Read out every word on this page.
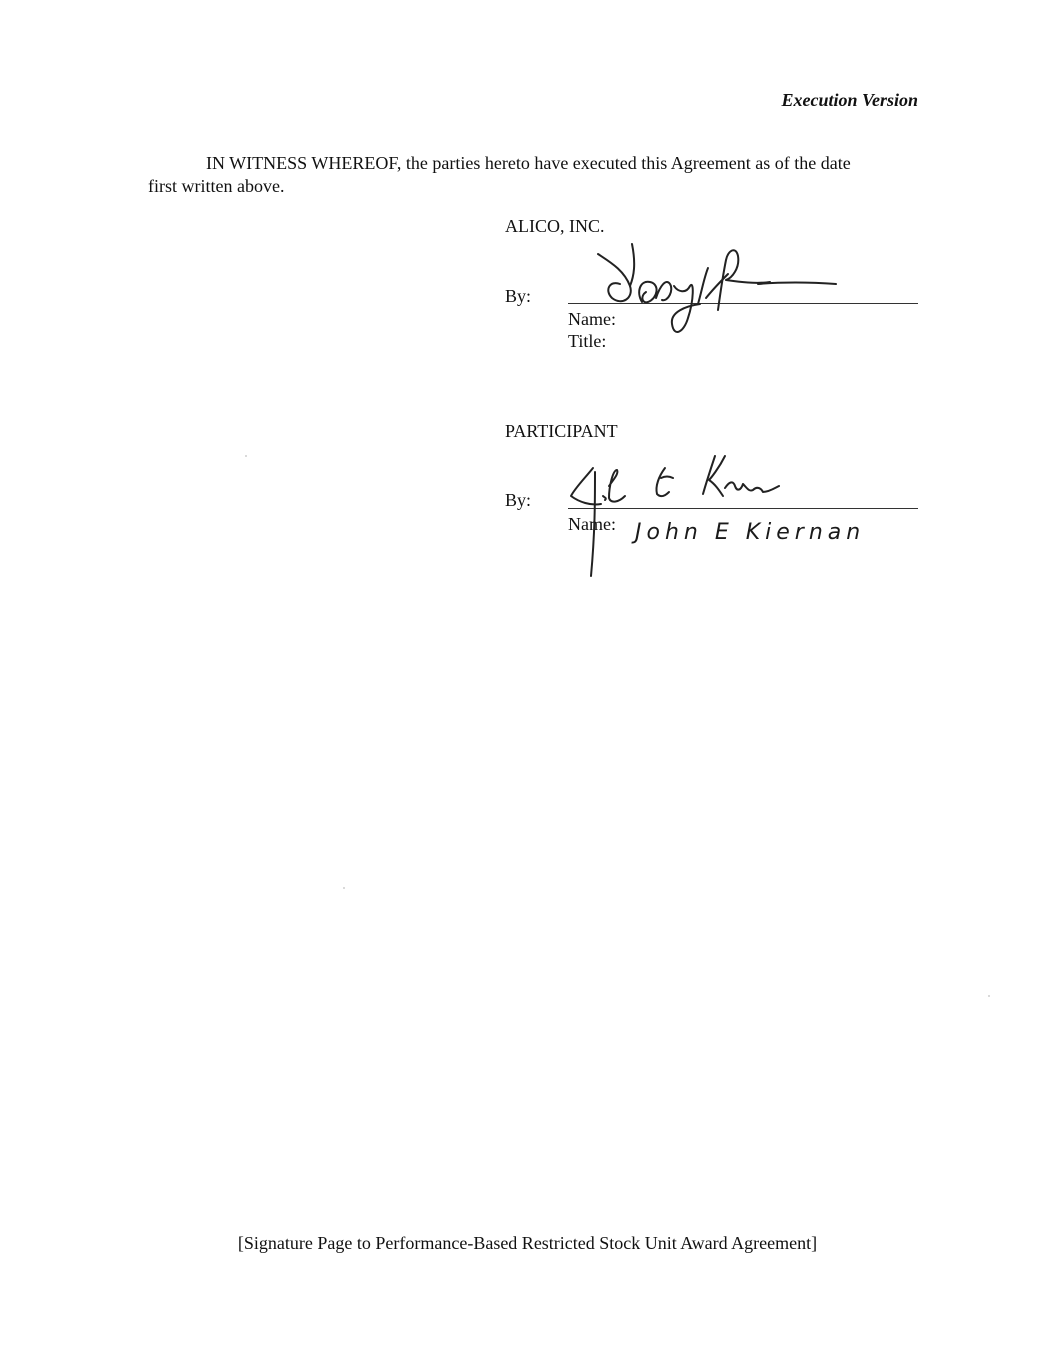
Execution Version
IN WITNESS WHEREOF, the parties hereto have executed this Agreement as of the date
first written above.
ALICO, INC.
By:
Name:
Title:
PARTICIPANT
By:
Name: John E Kiernan
[Signature Page to Performance-Based Restricted Stock Unit Award Agreement]
